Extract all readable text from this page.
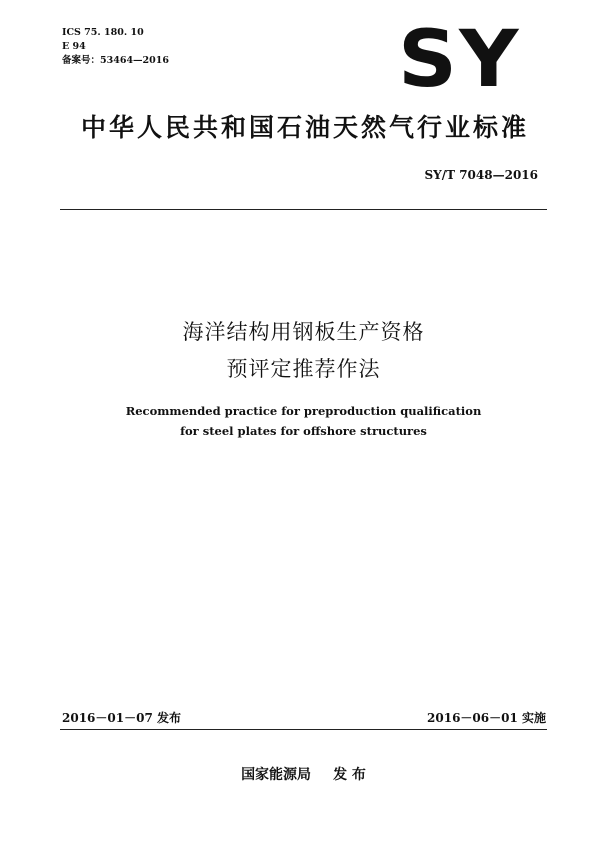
ICS 75. 180. 10
E 94
备案号：53464—2016	SY
中华人民共和国石油天然气行业标准
SY/T 7048—2016
海洋结构用钢板生产资格
预评定推荐作法
Recommended practice for preproduction qualification
for steel plates for offshore structures
2016－01－07 发布	2016－06－01 实施
国家能源局 发 布
